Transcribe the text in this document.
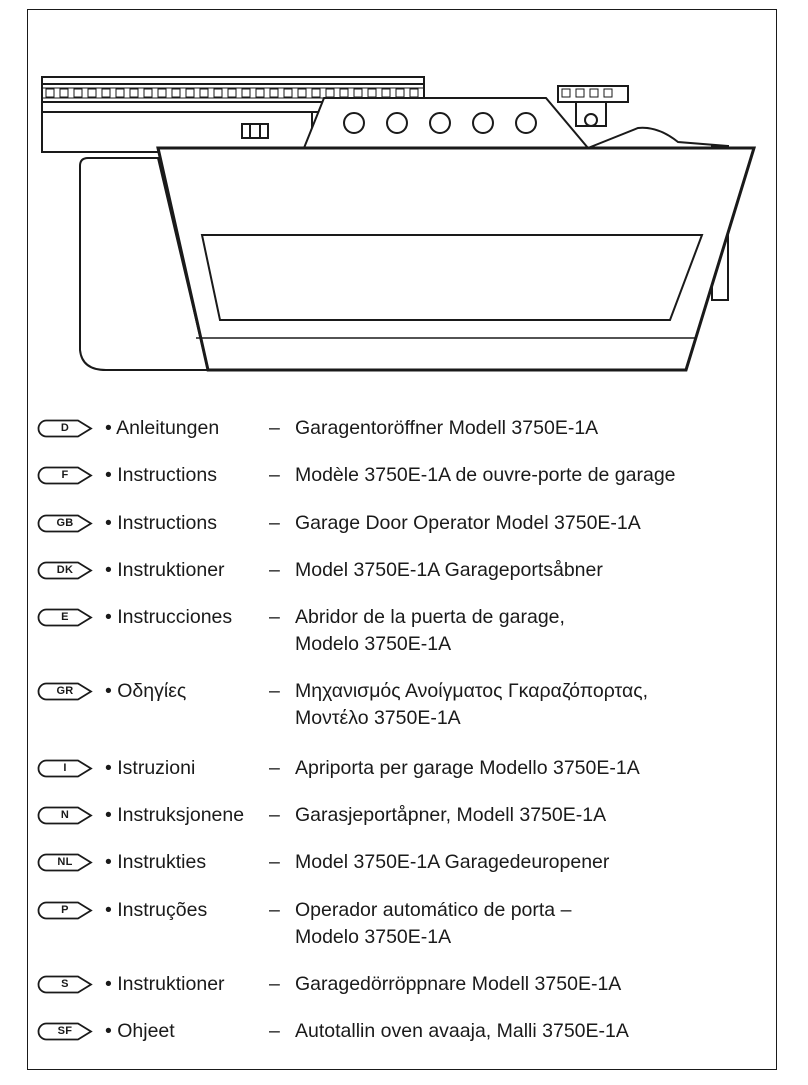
D	• Anleitungen	– Garagentoröffner Modell 3750E-1A
F	• Instructions	– Modèle 3750E-1A de ouvre-porte de garage
GB	• Instructions	– Garage Door Operator Model 3750E-1A
DK	• Instruktioner – Model 3750E-1A Garageportsåbner
E	• Instrucciones – Abridor de la puerta de garage,
Modelo 3750E-1A
GR	• Οδηγίες	– Μηχανισμός Ανοίγματος Γκαραζόπορτας,
Μοντέλο 3750E-1A
I	• Istruzioni	– Apriporta per garage Modello 3750E-1A
N	• Instruksjonene – Garasjeportåpner, Modell 3750E-1A
NL	• Instrukties	– Model 3750E-1A Garagedeuropener
P	• Instruções	– Operador automático de porta –
Modelo 3750E-1A
S	• Instruktioner – Garagedörröppnare Modell 3750E-1A
SF	• Ohjeet	– Autotallin oven avaaja, Malli 3750E-1A
